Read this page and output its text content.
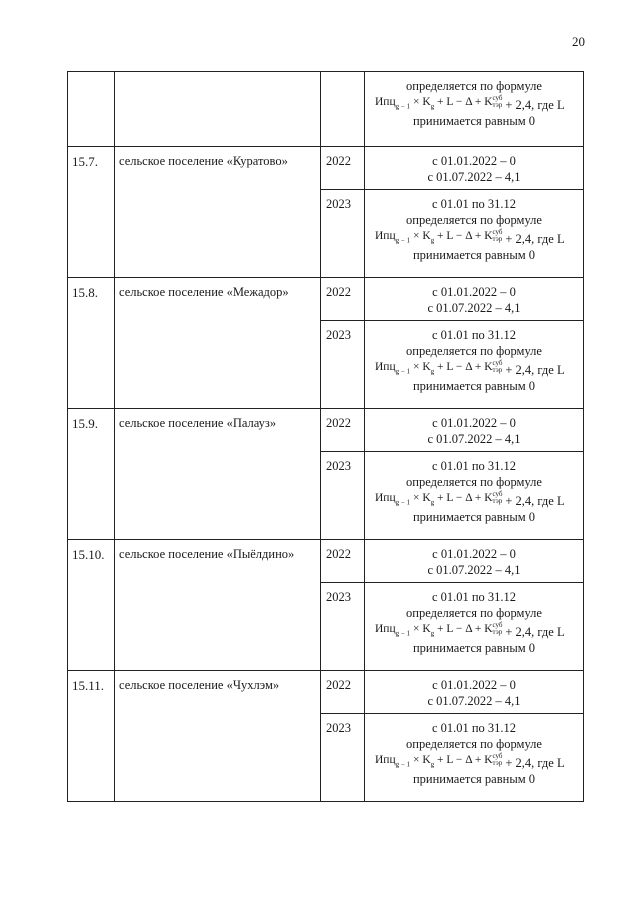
20

			определяется по формуле
$Ипц_{g - 1} \times K_g + L - \Delta$ + Kсуб
тэр + 2,4, где L
принимается равным 0

15.7.	сельское поселение «Куратово»	2022	с 01.01.2022 – 0
с 01.07.2022 – 4,1

		2023	с 01.01 по 31.12
определяется по формуле
$Ипц_{g - 1} \times K_g + L - \Delta$ + Kсуб
тэр + 2,4, где L
принимается равным 0

15.8.	сельское поселение «Межадор»	2022	с 01.01.2022 – 0
с 01.07.2022 – 4,1

		2023	с 01.01 по 31.12
определяется по формуле
$Ипц_{g - 1} \times K_g + L - \Delta$ + Kсуб
тэр + 2,4, где L
принимается равным 0

15.9.	сельское поселение «Палауз»	2022	с 01.01.2022 – 0
с 01.07.2022 – 4,1

		2023	с 01.01 по 31.12
определяется по формуле
$Ипц_{g - 1} \times K_g + L - \Delta$ + Kсуб
тэр + 2,4, где L
принимается равным 0

15.10.	сельское поселение «Пыёлдино»	2022	с 01.01.2022 – 0
с 01.07.2022 – 4,1

		2023	с 01.01 по 31.12
определяется по формуле
$Ипц_{g - 1} \times K_g + L - \Delta$ + Kсуб
тэр + 2,4, где L
принимается равным 0

15.11.	сельское поселение «Чухлэм»	2022	с 01.01.2022 – 0
с 01.07.2022 – 4,1

		2023	с 01.01 по 31.12
определяется по формуле
$Ипц_{g - 1} \times K_g + L - \Delta$ + Kсуб
тэр + 2,4, где L
принимается равным 0
